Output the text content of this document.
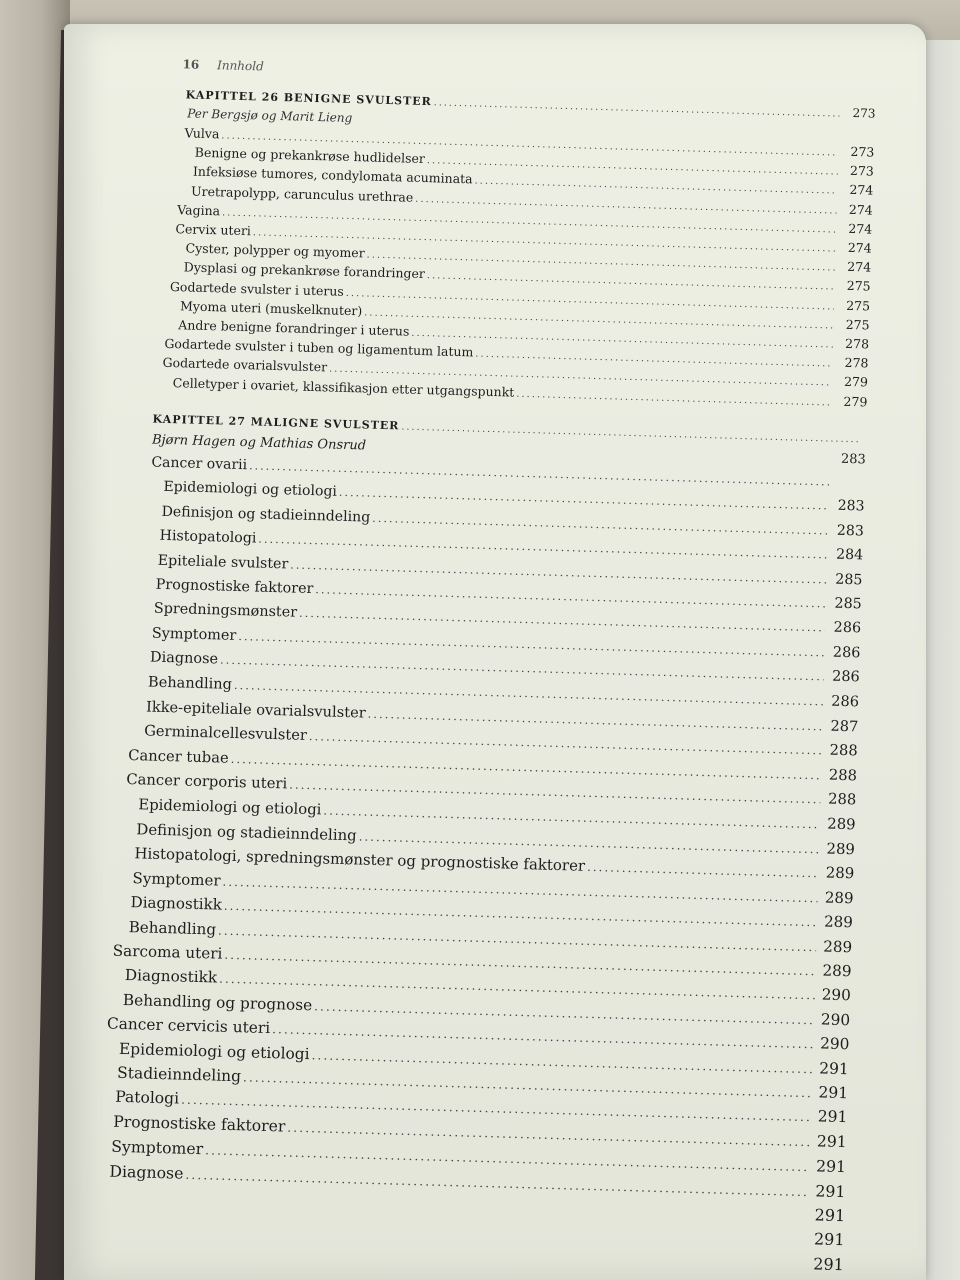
16 Innhold
KAPITTEL 26 BENIGNE SVULSTER
.....
273
Per Bergsjø og Marit Lieng
Vulva
.....
273
Benigne og prekankrøse hudlidelser
.....
273
Infeksiøse tumores, condylomata acuminata
.....
274
Uretrapolypp, carunculus urethrae
.....
274
Vagina
.....
274
Cervix uteri
.....
274
Cyster, polypper og myomer
.....
274
Dysplasi og prekankrøse forandringer
.....
275
Godartede svulster i uterus
.....
275
Myoma uteri (muskelknuter)
.....
275
Andre benigne forandringer i uterus
.....
278
Godartede svulster i tuben og ligamentum latum
.....
278
Godartede ovarialsvulster
.....
279
Celletyper i ovariet, klassifikasjon etter utgangspunkt
.....
279
KAPITTEL 27 MALIGNE SVULSTER
.....
Bjørn Hagen og Mathias Onsrud
283
Cancer ovarii
.....
Epidemiologi og etiologi
.....
283
Definisjon og stadieinndeling
.....
283
Histopatologi
.....
284
Epiteliale svulster
.....
285
Prognostiske faktorer
.....
285
Spredningsmønster
.....
286
Symptomer
.....
286
Diagnose
.....
286
Behandling
.....
286
Ikke-epiteliale ovarialsvulster
.....
287
Germinalcellesvulster
.....
288
Cancer tubae
.....
288
Cancer corporis uteri
.....
288
Epidemiologi og etiologi
.....
289
Definisjon og stadieinndeling
.....
289
Histopatologi, spredningsmønster og prognostiske faktorer
.....	289
Symptomer
.....
289
Diagnostikk
.....
289
Behandling
.....
289
Sarcoma uteri
.....
289
Diagnostikk
.....
290
Behandling og prognose
.....
290
Cancer cervicis uteri
.....
290
Epidemiologi og etiologi
.....
291
Stadieinndeling
.....
291
Patologi
.....
291
Prognostiske faktorer
.....
291
Symptomer
.....
291
Diagnose
.....
291
291
291
291
